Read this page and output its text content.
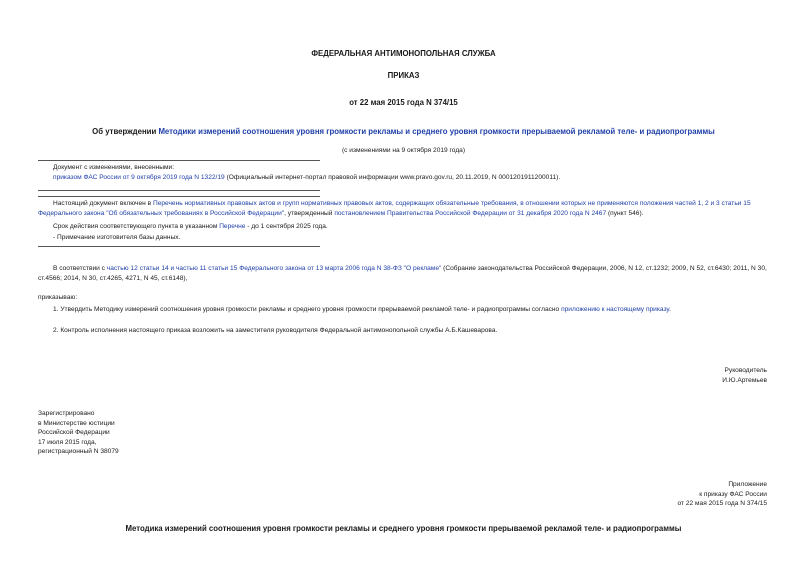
ФЕДЕРАЛЬНАЯ АНТИМОНОПОЛЬНАЯ СЛУЖБА
ПРИКАЗ
от 22 мая 2015 года N 374/15
Об утверждении Методики измерений соотношения уровня громкости рекламы и среднего уровня громкости прерываемой рекламой теле- и радиопрограммы
(с изменениями на 9 октября 2019 года)
Документ с изменениями, внесенными:
приказом ФАС России от 9 октября 2019 года N 1322/19 (Официальный интернет-портал правовой информации www.pravo.gov.ru, 20.11.2019, N 0001201911200011).
Настоящий документ включен в Перечень нормативных правовых актов и групп нормативных правовых актов, содержащих обязательные требования, в отношении которых не применяются положения частей 1, 2 и 3 статьи 15 Федерального закона "Об обязательных требованиях в Российской Федерации", утвержденный постановлением Правительства Российской Федерации от 31 декабря 2020 года N 2467 (пункт 546).
Срок действия соответствующего пункта в указанном Перечне - до 1 сентября 2025 года.
- Примечание изготовителя базы данных.
В соответствии с частью 12 статьи 14 и частью 11 статьи 15 Федерального закона от 13 марта 2006 года N 38-ФЗ "О рекламе" (Собрание законодательства Российской Федерации, 2006, N 12, ст.1232; 2009, N 52, ст.6430; 2011, N 30, ст.4566; 2014, N 30, ст.4265, 4271, N 45, ст.6148),
приказываю:
1. Утвердить Методику измерений соотношения уровня громкости рекламы и среднего уровня громкости прерываемой рекламой теле- и радиопрограммы согласно приложению к настоящему приказу.
2. Контроль исполнения настоящего приказа возложить на заместителя руководителя Федеральной антимонопольной службы А.Б.Кашеварова.
Руководитель
И.Ю.Артемьев
Зарегистрировано
в Министерстве юстиции
Российской Федерации
17 июля 2015 года,
регистрационный N 38079
Приложение
к приказу ФАС России
от 22 мая 2015 года N 374/15
Методика измерений соотношения уровня громкости рекламы и среднего уровня громкости прерываемой рекламой теле- и радиопрограммы
